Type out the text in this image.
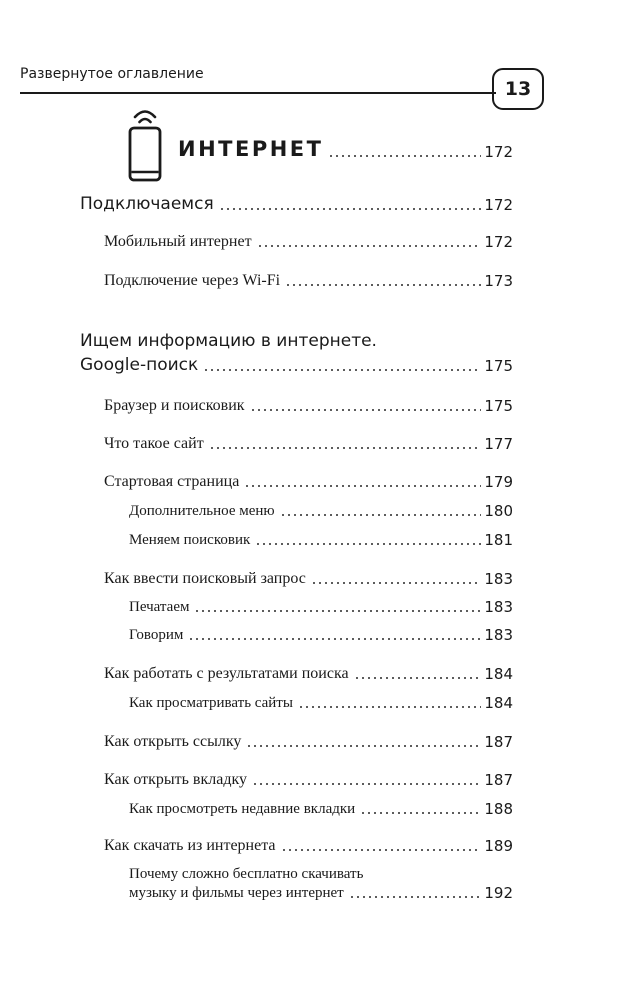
Развернутое оглавление
13
ИНТЕРНЕТ	172
Подключаемся	172
Мобильный интернет	172
Подключение через Wi-Fi	173
Ищем информацию в интернете.
Google-поиск	175
Браузер и поисковик	175
Что такое сайт	177
Стартовая страница	179
Дополнительное меню	180
Меняем поисковик	181
Как ввести поисковый запрос	183
Печатаем	183
Говорим	183
Как работать с результатами поиска	184
Как просматривать сайты	184
Как открыть ссылку	187
Как открыть вкладку	187
Как просмотреть недавние вкладки	188
Как скачать из интернета	189
Почему сложно бесплатно скачивать
музыку и фильмы через интернет	192
